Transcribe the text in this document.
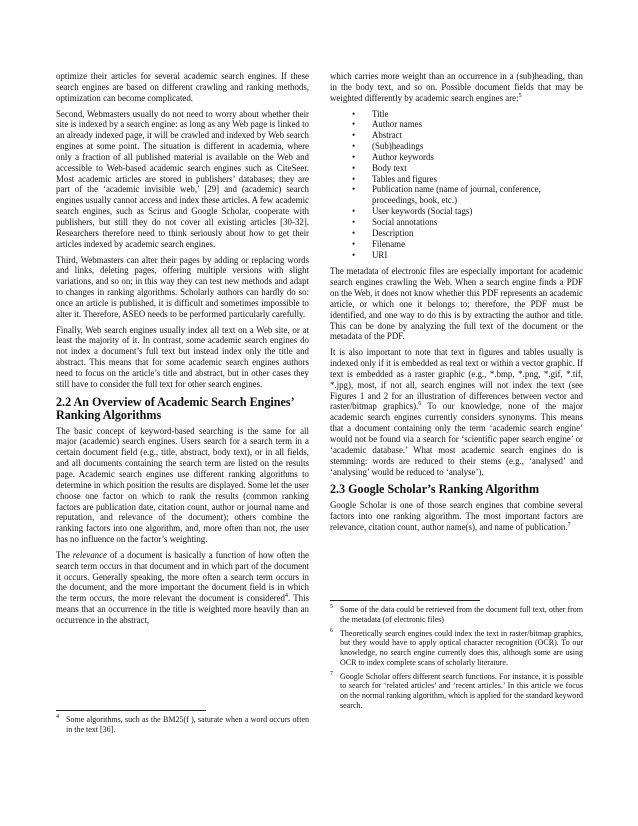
optimize their articles for several academic search engines. If these search engines are based on different crawling and ranking methods, optimization can become complicated.

Second, Webmasters usually do not need to worry about whether their site is indexed by a search engine: as long as any Web page is linked to an already indexed page, it will be crawled and indexed by Web search engines at some point. The situation is different in academia, where only a fraction of all published material is available on the Web and accessible to Web-based academic search engines such as CiteSeer. Most academic articles are stored in publishers’ databases; they are part of the ‘academic invisible web,’ [29] and (academic) search engines usually cannot access and index these articles. A few academic search engines, such as Scirus and Google Scholar, cooperate with publishers, but still they do not cover all existing articles [30-32]. Researchers therefore need to think seriously about how to get their articles indexed by academic search engines.

Third, Webmasters can alter their pages by adding or replacing words and links, deleting pages, offering multiple versions with slight variations, and so on; in this way they can test new methods and adapt to changes in ranking algorithms. Scholarly authors can hardly do so: once an article is published, it is difficult and sometimes impossible to alter it. Therefore, ASEO needs to be performed particularly carefully.

Finally, Web search engines usually index all text on a Web site, or at least the majority of it. In contrast, some academic search engines do not index a document’s full text but instead index only the title and abstract. This means that for some academic search engines authors need to focus on the article’s title and abstract, but in other cases they still have to consider the full text for other search engines.

2.2 An Overview of Academic Search Engines’ Ranking Algorithms

The basic concept of keyword-based searching is the same for all major (academic) search engines. Users search for a search term in a certain document field (e.g., title, abstract, body text), or in all fields, and all documents containing the search term are listed on the results page. Academic search engines use different ranking algorithms to determine in which position the results are displayed. Some let the user choose one factor on which to rank the results (common ranking factors are publication date, citation count, author or journal name and reputation, and relevance of the document); others combine the ranking factors into one algorithm, and, more often than not, the user has no influence on the factor’s weighting.

The relevance of a document is basically a function of how often the search term occurs in that document and in which part of the document it occurs. Generally speaking, the more often a search term occurs in the document, and the more important the document field is in which the term occurs, the more relevant the document is considered$^4$. This means that an occurrence in the title is weighted more heavily than an occurrence in the abstract,

4 Some algorithms, such as the BM25(f ), saturate when a word occurs often in the text [36].

which carries more weight than an occurrence in a (sub)heading, than in the body text, and so on. Possible document fields that may be weighted differently by academic search engines are:$^5$

• Title
• Author names
• Abstract
• (Sub)headings
• Author keywords
• Body text
• Tables and figures
• Publication name (name of journal, conference, proceedings, book, etc.)
• User keywords (Social tags)
• Social annotations
• Description
• Filename
• URI

The metadata of electronic files are especially important for academic search engines crawling the Web. When a search engine finds a PDF on the Web, it does not know whether this PDF represents an academic article, or which one it belongs to; therefore, the PDF must be identified, and one way to do this is by extracting the author and title. This can be done by analyzing the full text of the document or the metadata of the PDF.

It is also important to note that text in figures and tables usually is indexed only if it is embedded as real text or within a vector graphic. If text is embedded as a raster graphic (e.g., *.bmp, *.png, *.gif, *.tif, *.jpg), most, if not all, search engines will not index the text (see Figures 1 and 2 for an illustration of differences between vector and raster/bitmap graphics).$^6$ To our knowledge, none of the major academic search engines currently considers synonyms. This means that a document containing only the term ‘academic search engine’ would not be found via a search for ‘scientific paper search engine’ or ‘academic database.’ What most academic search engines do is stemming: words are reduced to their stems (e.g., ‘analysed’ and ‘analysing’ would be reduced to ‘analyse’).

2.3 Google Scholar’s Ranking Algorithm

Google Scholar is one of those search engines that combine several factors into one ranking algorithm. The most important factors are relevance, citation count, author name(s), and name of publication.$^7$

5 Some of the data could be retrieved from the document full text, other from the metadata (of electronic files)
6 Theoretically search engines could index the text in raster/bitmap graphics, but they would have to apply optical character recognition (OCR). To our knowledge, no search engine currently does this, although some are using OCR to index complete scans of scholarly literature.
7 Google Scholar offers different search functions. For instance, it is possible to search for ‘related articles’ and ‘recent articles.’ In this article we focus on the normal ranking algorithm, which is applied for the standard keyword search.
